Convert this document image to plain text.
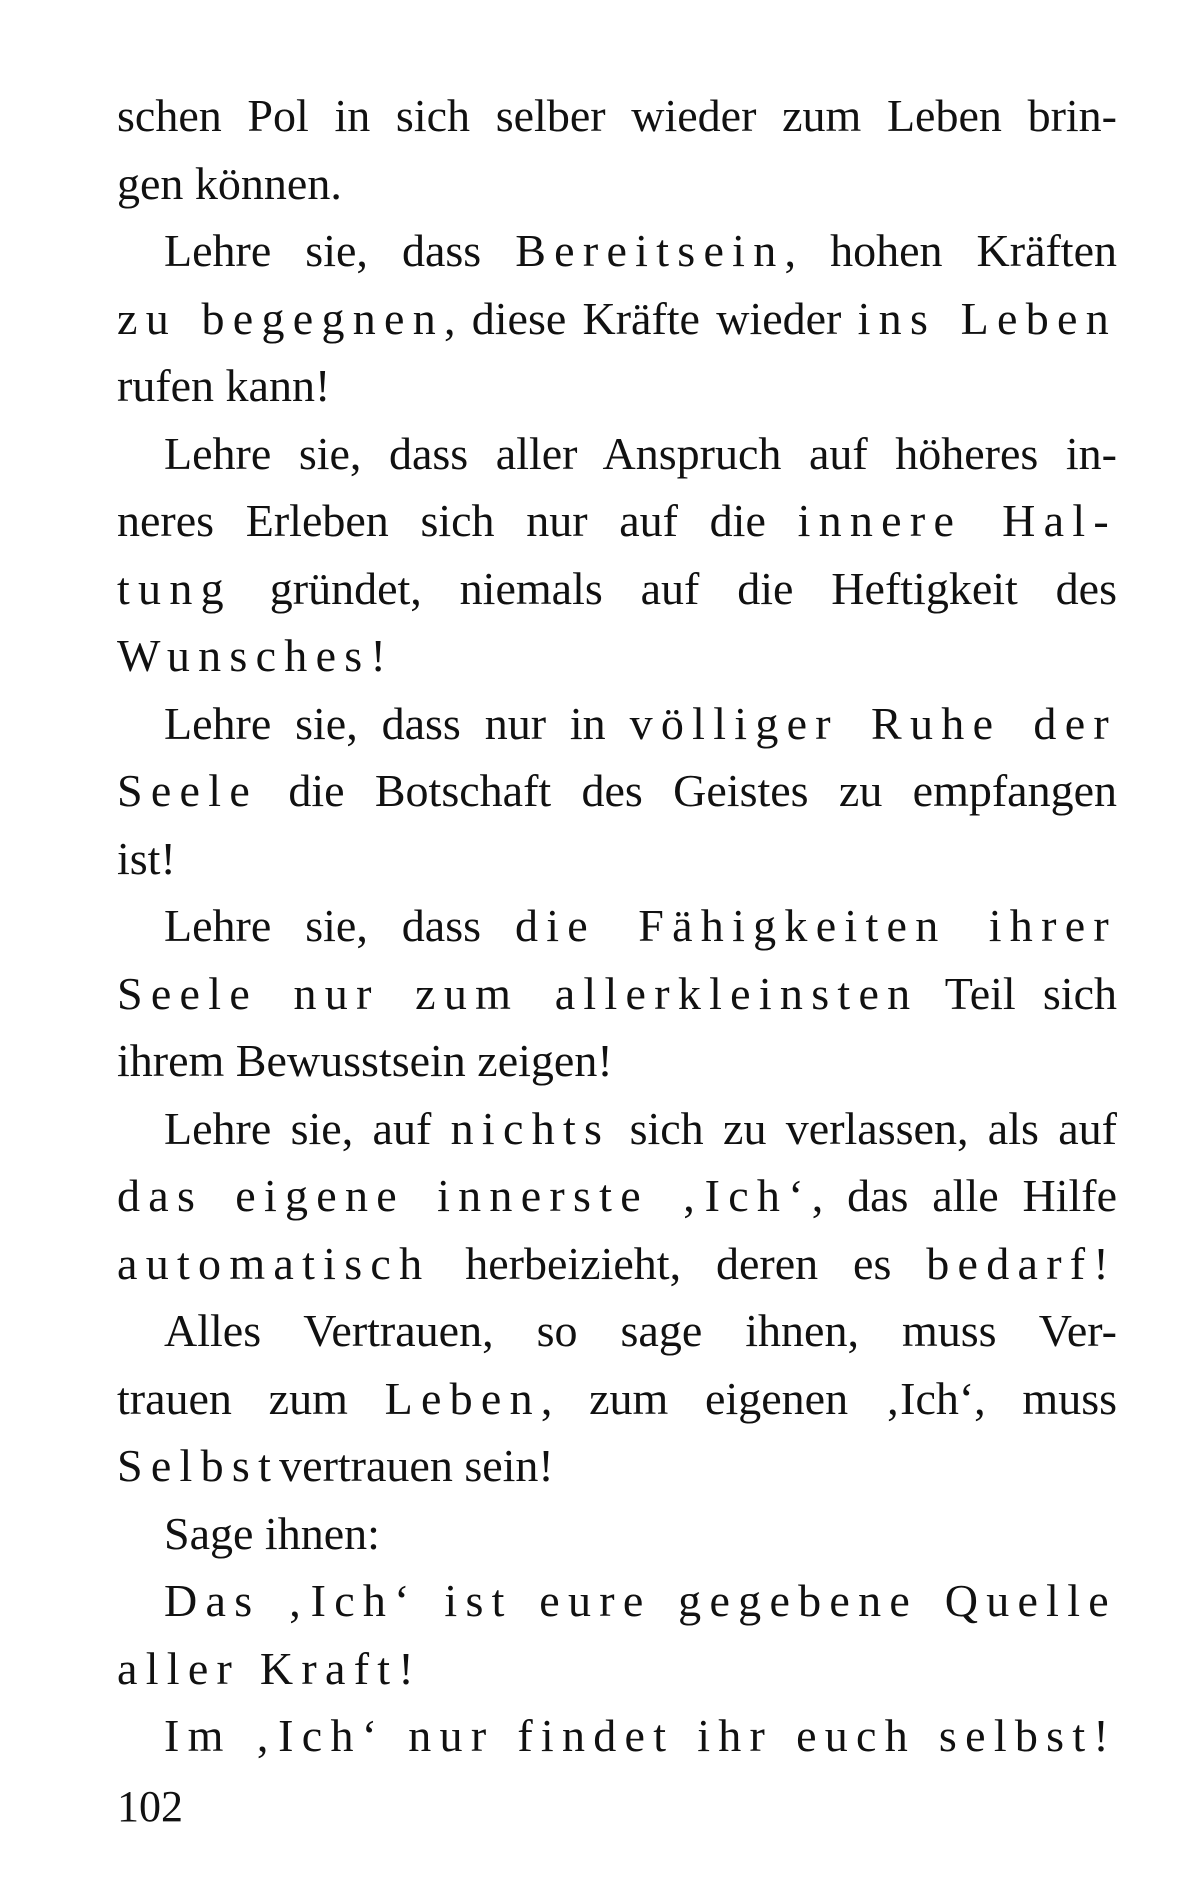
schen Pol in sich selber wieder zum Leben brin-
gen können.
Lehre sie, dass Bereitsein, hohen Kräften
zu begegnen, diese Kräfte wieder ins Leben
rufen kann!
Lehre sie, dass aller Anspruch auf höheres in-
neres Erleben sich nur auf die innere Hal-
tung gründet, niemals auf die Heftigkeit des
Wunsches!
Lehre sie, dass nur in völliger Ruhe der
Seele die Botschaft des Geistes zu empfangen
ist!
Lehre sie, dass die Fähigkeiten ihrer
Seele nur zum allerkleinsten Teil sich
ihrem Bewusstsein zeigen!
Lehre sie, auf nichts sich zu verlassen, als auf
das eigene innerste ‚Ich‘, das alle Hilfe
automatisch herbeizieht, deren es bedarf!
Alles Vertrauen, so sage ihnen, muss Ver-
trauen zum Leben, zum eigenen ‚Ich‘, muss
Selbstvertrauen sein!
Sage ihnen:
Das ‚Ich‘ ist eure gegebene Quelle
aller Kraft!
Im ‚Ich‘ nur findet ihr euch selbst!
102
